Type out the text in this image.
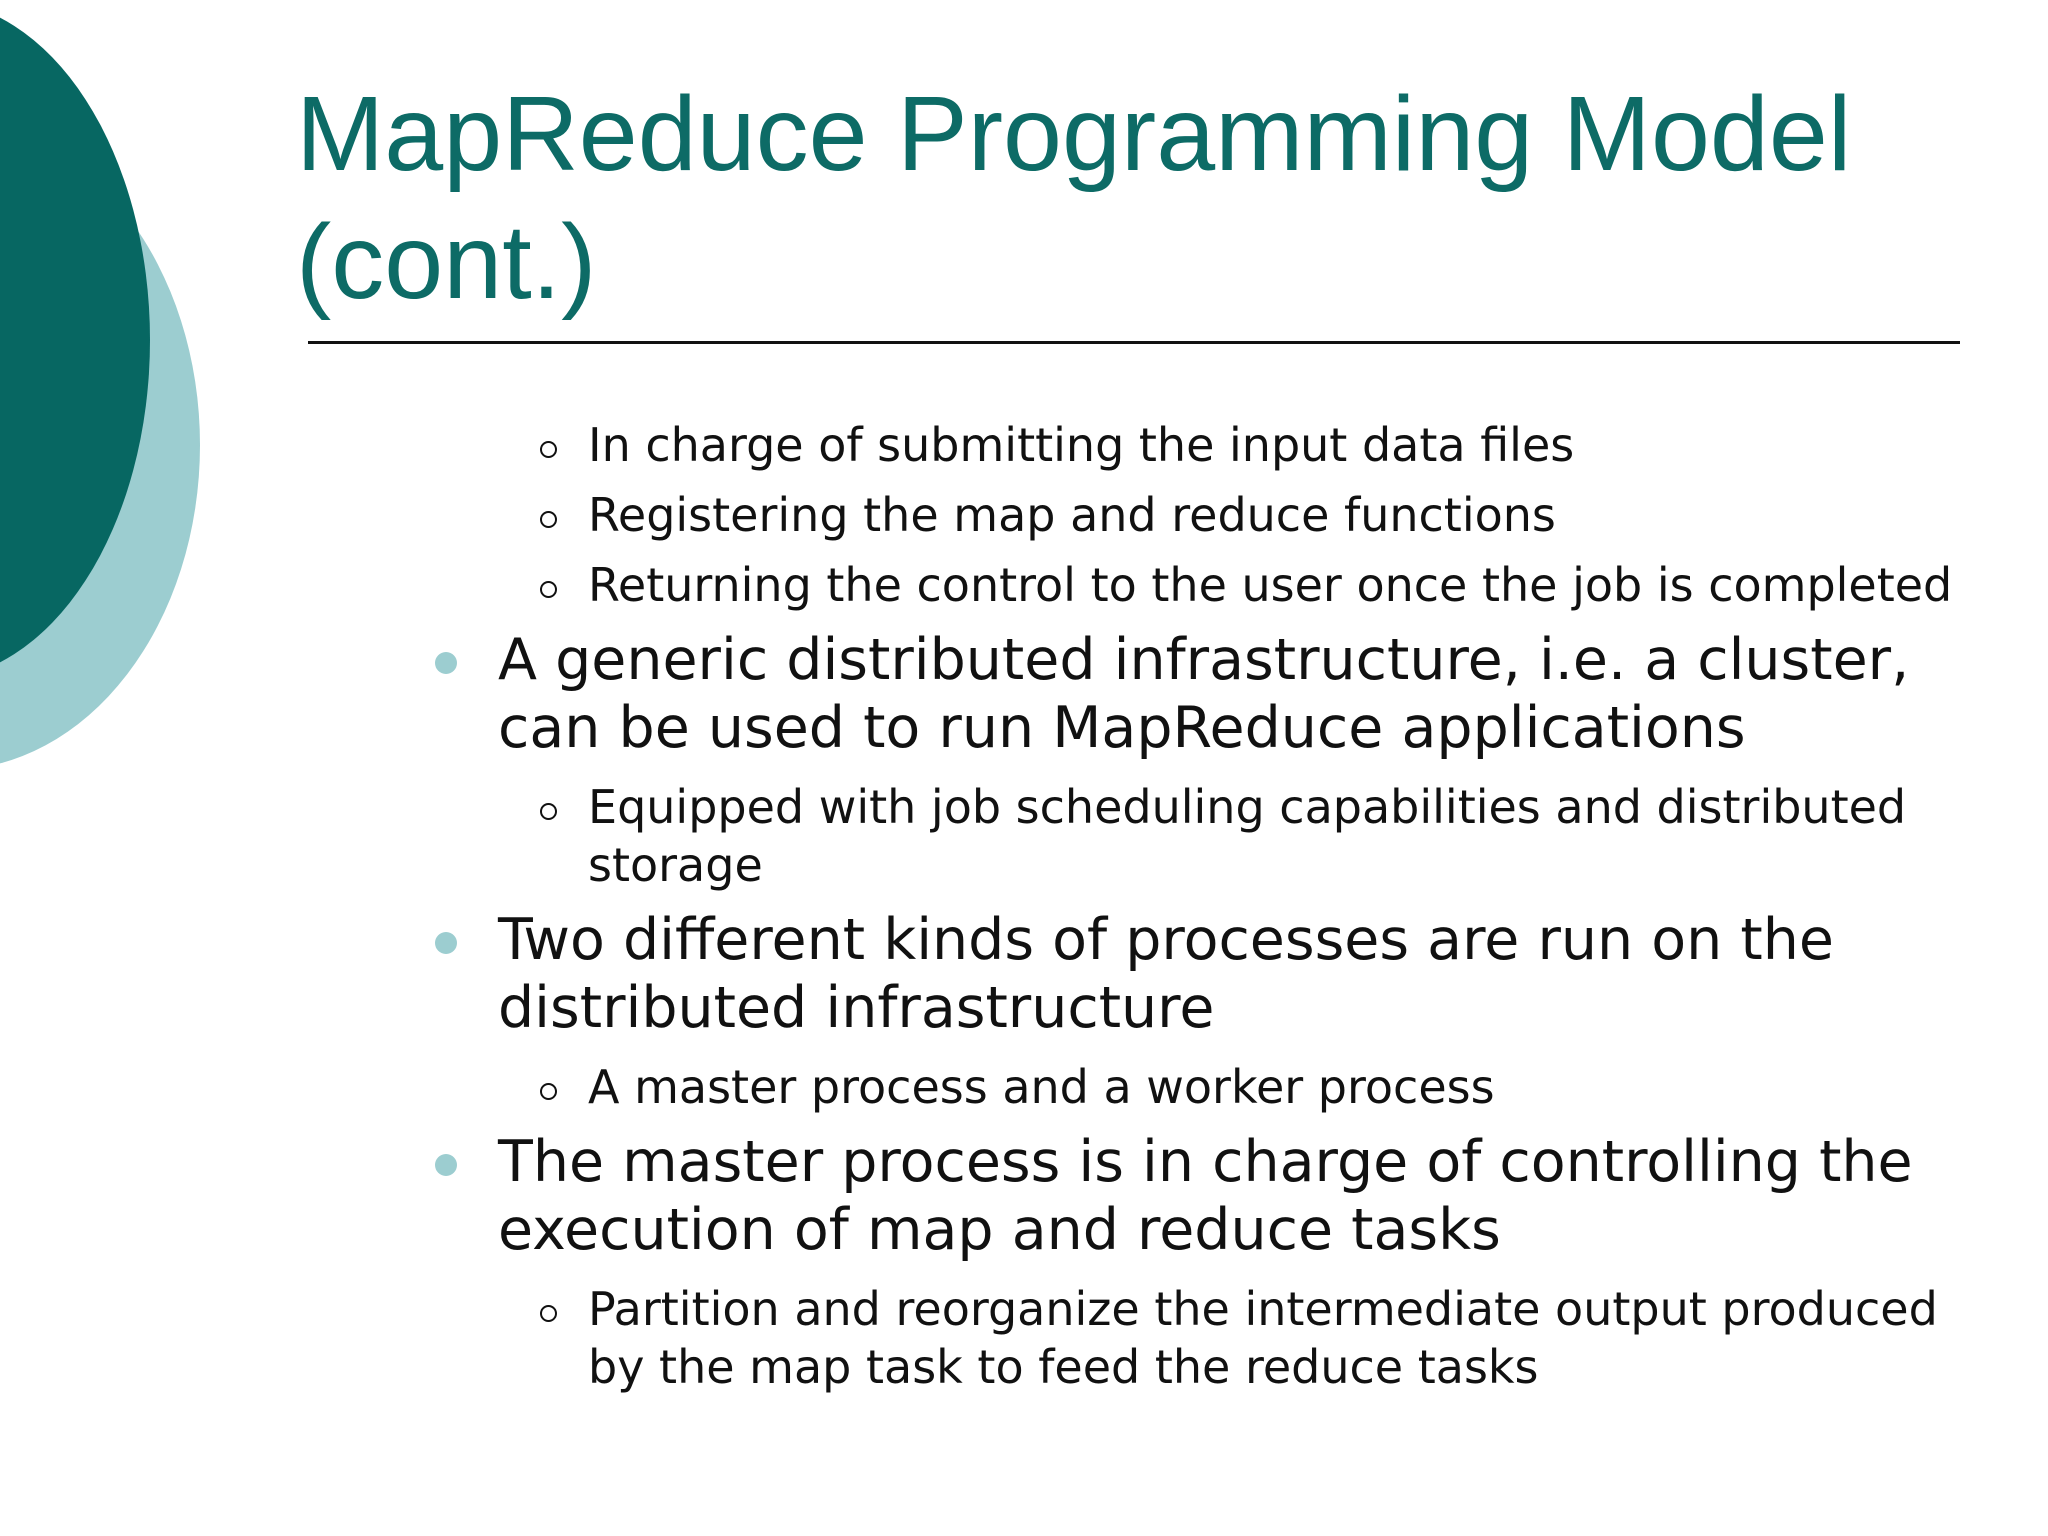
MapReduce Programming Model (cont.)
In charge of submitting the input data files
Registering the map and reduce functions
Returning the control to the user once the job is completed
A generic distributed infrastructure, i.e. a cluster, can be used to run MapReduce applications
Equipped with job scheduling capabilities and distributed storage
Two different kinds of processes are run on the distributed infrastructure
A master process and a worker process
The master process is in charge of controlling the execution of map and reduce tasks
Partition and reorganize the intermediate output produced by the map task to feed the reduce tasks
